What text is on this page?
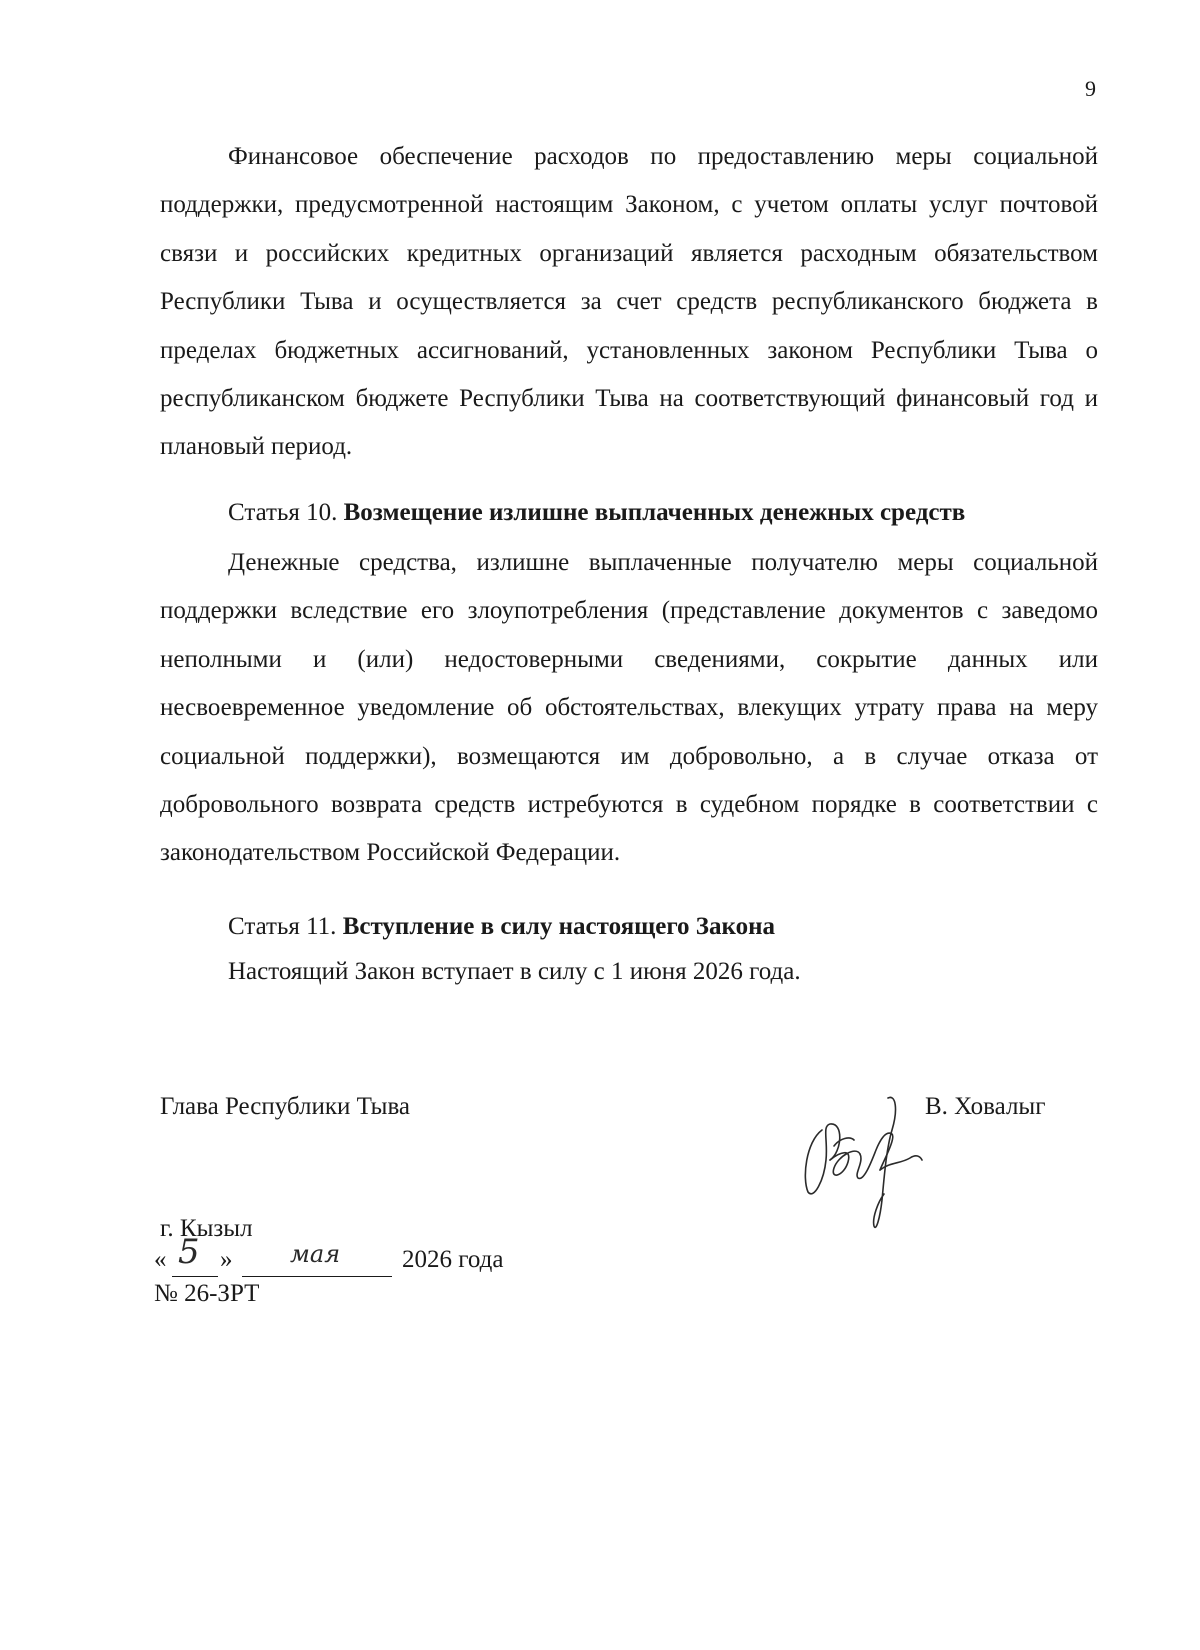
9

Финансовое обеспечение расходов по предоставлению меры социальной поддержки, предусмотренной настоящим Законом, с учетом оплаты услуг почтовой связи и российских кредитных организаций является расходным обязательством Республики Тыва и осуществляется за счет средств республиканского бюджета в пределах бюджетных ассигнований, установленных законом Республики Тыва о республиканском бюджете Республики Тыва на соответствующий финансовый год и плановый период.

Статья 10. Возмещение излишне выплаченных денежных средств

Денежные средства, излишне выплаченные получателю меры социальной поддержки вследствие его злоупотребления (представление документов с заведомо неполными и (или) недостоверными сведениями, сокрытие данных или несвоевременное уведомление об обстоятельствах, влекущих утрату права на меру социальной поддержки), возмещаются им добровольно, а в случае отказа от добровольного возврата средств истребуются в судебном порядке в соответствии с законодательством Российской Федерации.

Статья 11. Вступление в силу настоящего Закона
Настоящий Закон вступает в силу с 1 июня 2026 года.
Глава Республики Тыва	В. Ховалыг
г. Кызыл
« 5 » мая 2026 года
№ 26-ЗРТ
